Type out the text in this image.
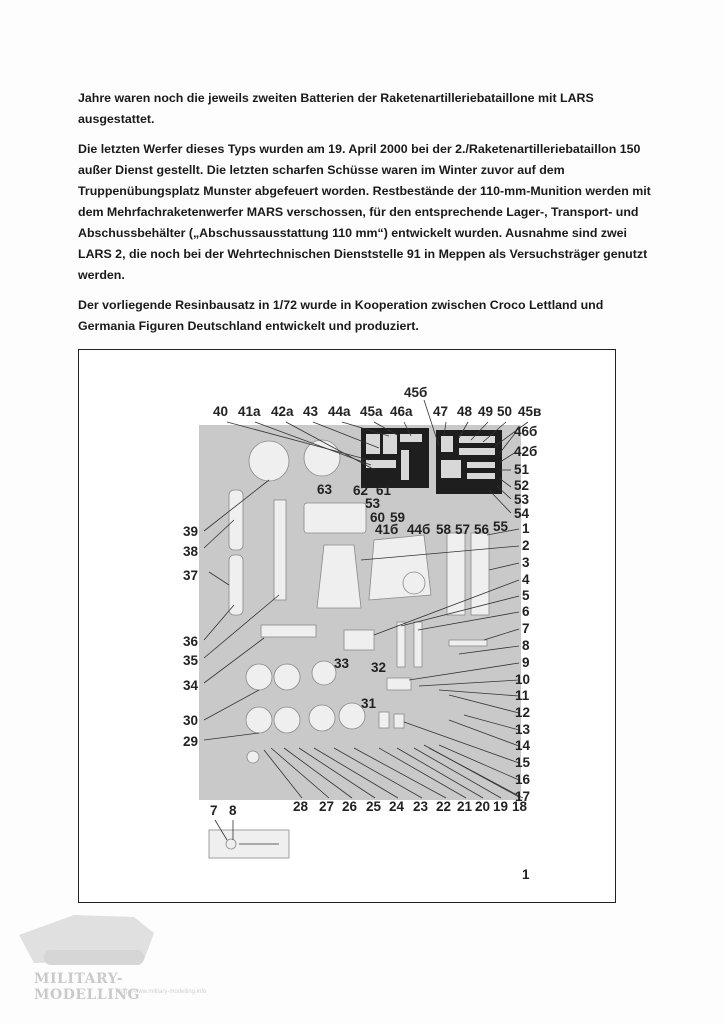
Jahre waren noch die jeweils zweiten Batterien der Raketenartilleriebataillone mit LARS ausgestattet.

Die letzten Werfer dieses Typs wurden am 19. April 2000 bei der 2./Raketenartilleriebataillon 150 außer Dienst gestellt. Die letzten scharfen Schüsse waren im Winter zuvor auf dem Truppenübungsplatz Munster abgefeuert worden. Restbestände der 110-mm-Munition werden mit dem Mehrfachraketenwerfer MARS verschossen, für den entsprechende Lager-, Transport- und Abschussbehälter („Abschussausstattung 110 mm“) entwickelt wurden. Ausnahme sind zwei LARS 2, die noch bei der Wehrtechnischen Dienststelle 91 in Meppen als Versuchsträger genutzt werden.

Der vorliegende Resinbausatz in 1/72 wurde in Kooperation zwischen Croco Lettland und Germania Figuren Deutschland entwickelt und produziert.

40 41a 42a 43 44a 45a 46a
45б
47 48 49 50 45в
46б
42б
51
52
53
54
1
2
3
4
5
6
7
8
9
10
11
12
13
14
15
16
17
28 27 26 25 24 23 22 21 20 19 18
39
38
37
36
35
34
30
29
63 62 61
53
60 59
41б 44б 58 57 56 55
33 32
31
7 8
1
MILITARY-MODELLING
http://www.military-modelling.info
